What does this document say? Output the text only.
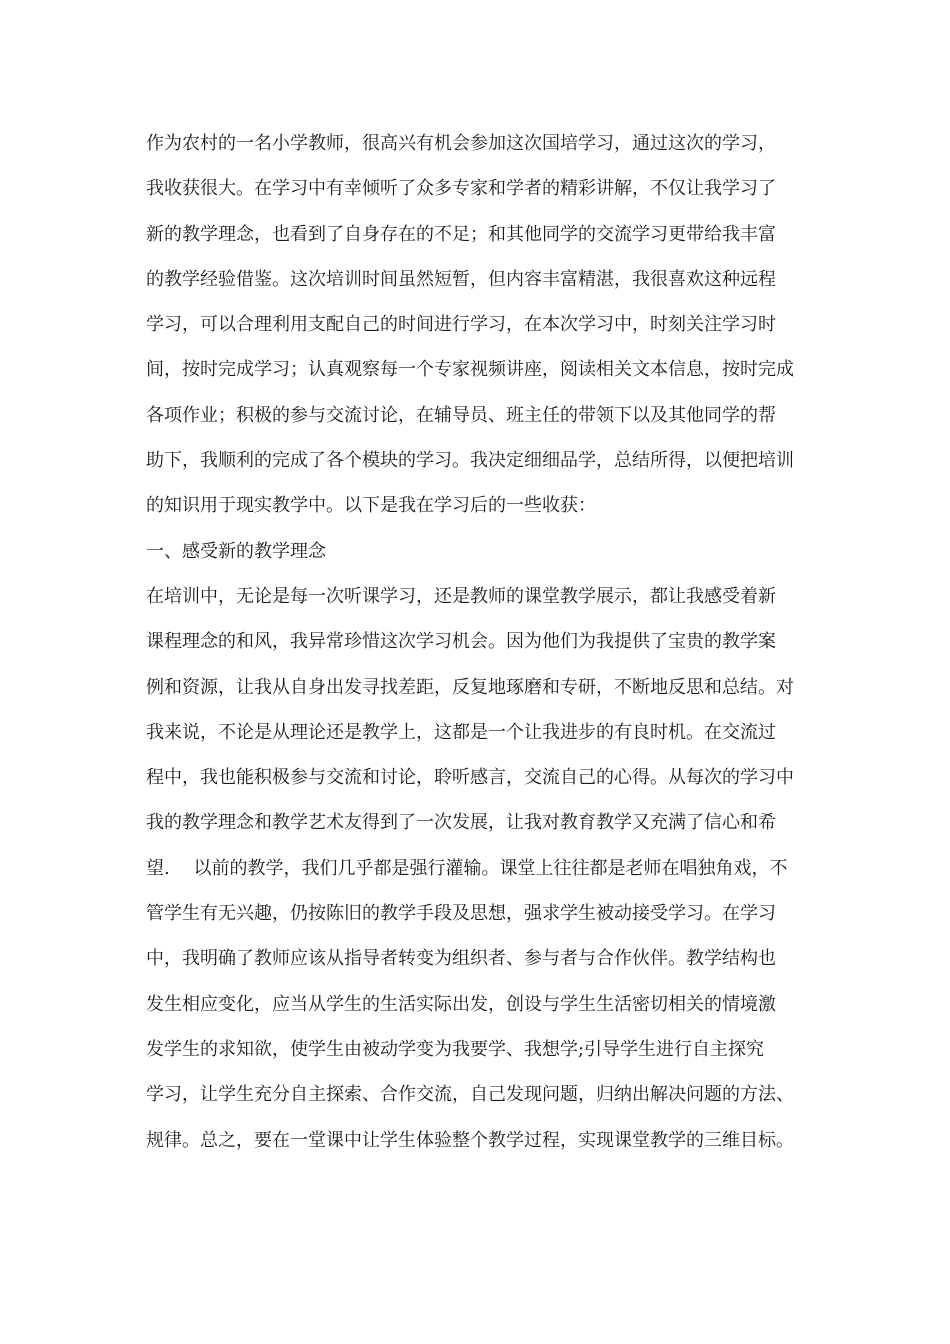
作为农村的一名小学教师，很高兴有机会参加这次国培学习，通过这次的学习，
我收获很大。在学习中有幸倾听了众多专家和学者的精彩讲解，不仅让我学习了
新的教学理念，也看到了自身存在的不足；和其他同学的交流学习更带给我丰富
的教学经验借鉴。这次培训时间虽然短暂，但内容丰富精湛，我很喜欢这种远程
学习，可以合理利用支配自己的时间进行学习，在本次学习中，时刻关注学习时
间，按时完成学习；认真观察每一个专家视频讲座，阅读相关文本信息，按时完成
各项作业；积极的参与交流讨论，在辅导员、班主任的带领下以及其他同学的帮
助下，我顺利的完成了各个模块的学习。我决定细细品学，总结所得，以便把培训
的知识用于现实教学中。以下是我在学习后的一些收获：
一、感受新的教学理念
在培训中，无论是每一次听课学习，还是教师的课堂教学展示，都让我感受着新
课程理念的和风，我异常珍惜这次学习机会。因为他们为我提供了宝贵的教学案
例和资源，让我从自身出发寻找差距，反复地琢磨和专研，不断地反思和总结。对
我来说，不论是从理论还是教学上，这都是一个让我进步的有良时机。在交流过
程中，我也能积极参与交流和讨论，聆听感言，交流自己的心得。从每次的学习中
我的教学理念和教学艺术友得到了一次发展，让我对教育教学又充满了信心和希
望.　 以前的教学，我们几乎都是强行灌输。课堂上往往都是老师在唱独角戏，不
管学生有无兴趣，仍按陈旧的教学手段及思想，强求学生被动接受学习。在学习
中，我明确了教师应该从指导者转变为组织者、参与者与合作伙伴。教学结构也
发生相应变化，应当从学生的生活实际出发，创设与学生生活密切相关的情境激
发学生的求知欲，使学生由被动学变为我要学、我想学;引导学生进行自主探究
学习，让学生充分自主探索、合作交流，自己发现问题，归纳出解决问题的方法、
规律。总之，要在一堂课中让学生体验整个教学过程，实现课堂教学的三维目标。
